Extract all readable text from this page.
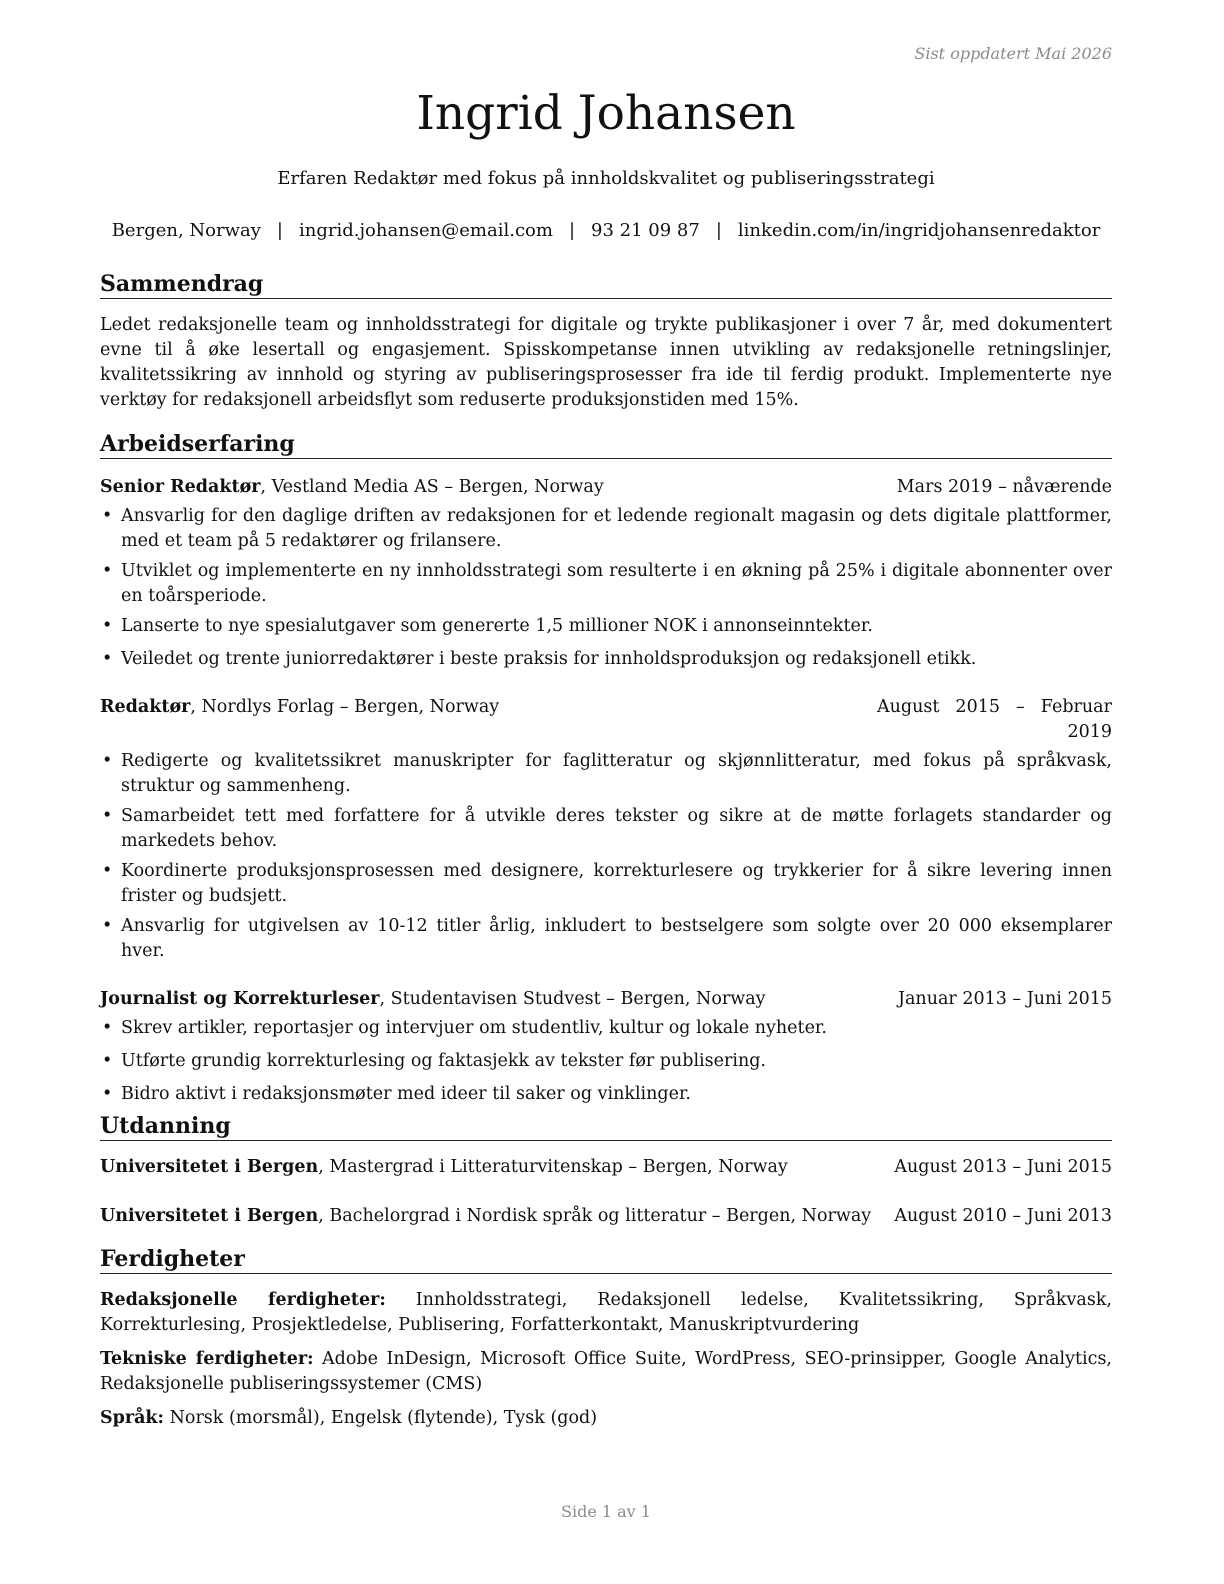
Sist oppdatert Mai 2026
Ingrid Johansen
Erfaren Redaktør med fokus på innholdskvalitet og publiseringsstrategi
Bergen, Norway | ingrid.johansen@email.com | 93 21 09 87 | linkedin.com/in/ingridjohansenredaktor
Sammendrag
Ledet redaksjonelle team og innholdsstrategi for digitale og trykte publikasjoner i over 7 år, med dokumentert evne til å øke lesertall og engasjement. Spisskompetanse innen utvikling av redaksjonelle retningslinjer, kvalitetssikring av innhold og styring av publiseringsprosesser fra ide til ferdig produkt. Implementerte nye verktøy for redaksjonell arbeidsflyt som reduserte produksjonstiden med 15%.
Arbeidserfaring
Senior Redaktør, Vestland Media AS – Bergen, Norway	Mars 2019 – nåværende
• Ansvarlig for den daglige driften av redaksjonen for et ledende regionalt magasin og dets digitale plattformer, med et team på 5 redaktører og frilansere.
• Utviklet og implementerte en ny innholdsstrategi som resulterte i en økning på 25% i digitale abonnenter over en toårsperiode.
• Lanserte to nye spesialutgaver som genererte 1,5 millioner NOK i annonseinntekter.
• Veiledet og trente juniorredaktører i beste praksis for innholdsproduksjon og redaksjonell etikk.
Redaktør, Nordlys Forlag – Bergen, Norway	August 2015 – Februar 2019
• Redigerte og kvalitetssikret manuskripter for faglitteratur og skjønnlitteratur, med fokus på språkvask, struktur og sammenheng.
• Samarbeidet tett med forfattere for å utvikle deres tekster og sikre at de møtte forlagets standarder og markedets behov.
• Koordinerte produksjonsprosessen med designere, korrekturlesere og trykkerier for å sikre levering innen frister og budsjett.
• Ansvarlig for utgivelsen av 10-12 titler årlig, inkludert to bestselgere som solgte over 20 000 eksemplarer hver.
Journalist og Korrekturleser, Studentavisen Studvest – Bergen, Norway	Januar 2013 – Juni 2015
• Skrev artikler, reportasjer og intervjuer om studentliv, kultur og lokale nyheter.
• Utførte grundig korrekturlesing og faktasjekk av tekster før publisering.
• Bidro aktivt i redaksjonsmøter med ideer til saker og vinklinger.
Utdanning
Universitetet i Bergen, Mastergrad i Litteraturvitenskap – Bergen, Norway	August 2013 – Juni 2015
Universitetet i Bergen, Bachelorgrad i Nordisk språk og litteratur – Bergen, Norway August 2010 – Juni 2013
Ferdigheter
Redaksjonelle ferdigheter: Innholdsstrategi, Redaksjonell ledelse, Kvalitetssikring, Språkvask, Korrekturlesing, Prosjektledelse, Publisering, Forfatterkontakt, Manuskriptvurdering
Tekniske ferdigheter: Adobe InDesign, Microsoft Office Suite, WordPress, SEO-prinsipper, Google Analytics, Redaksjonelle publiseringssystemer (CMS)
Språk: Norsk (morsmål), Engelsk (flytende), Tysk (god)
Side 1 av 1
